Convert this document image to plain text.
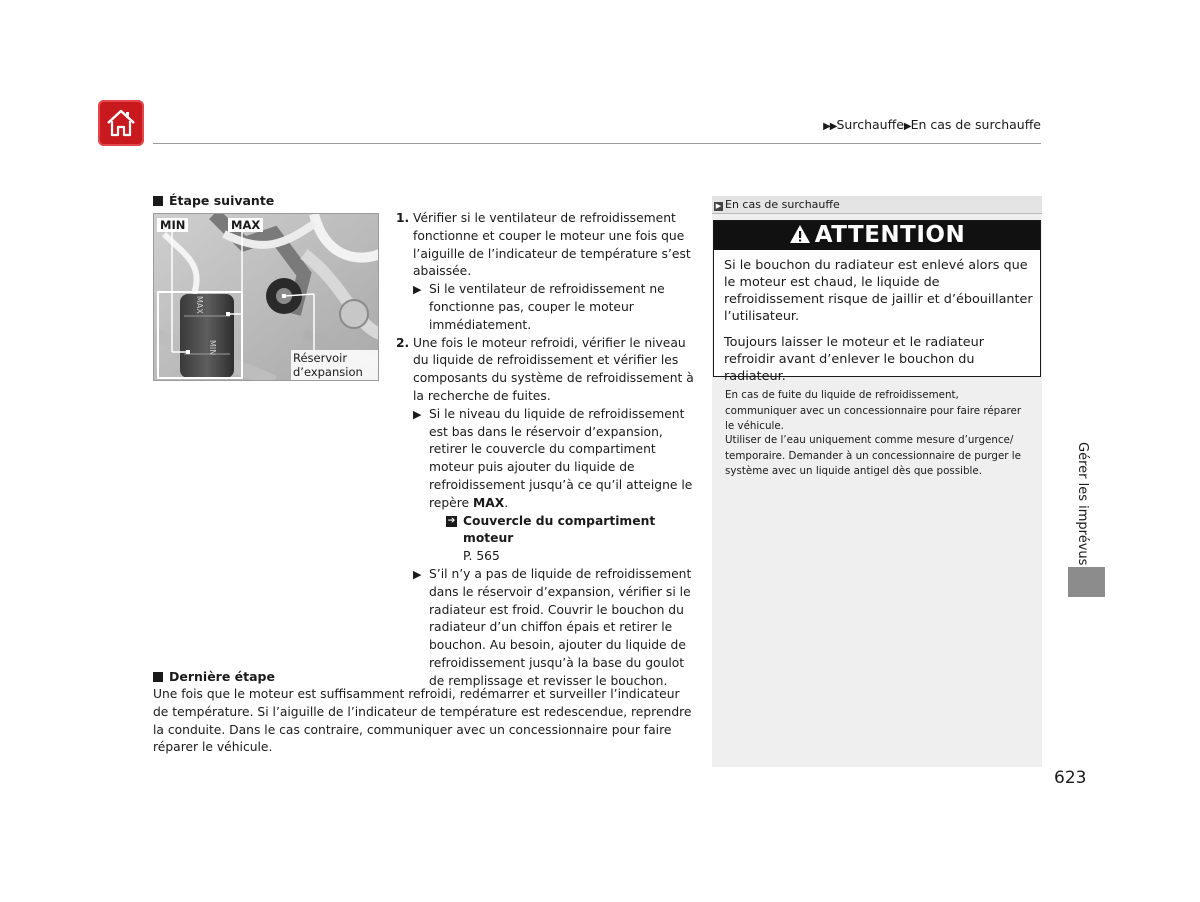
▶▶Surchauffe▶En cas de surchauffe
Étape suivante
MIN	MAX
MAX
MIN
Réservoir
d’expansion
1. Vérifier si le ventilateur de refroidissement fonctionne et couper le moteur une fois que l’aiguille de l’indicateur de température s’est abaissée.
▶ Si le ventilateur de refroidissement ne fonctionne pas, couper le moteur immédiatement.
2. Une fois le moteur refroidi, vérifier le niveau du liquide de refroidissement et vérifier les composants du système de refroidissement à la recherche de fuites.
▶ Si le niveau du liquide de refroidissement est bas dans le réservoir d’expansion, retirer le couvercle du compartiment moteur puis ajouter du liquide de refroidissement jusqu’à ce qu’il atteigne le repère MAX.
➔ Couvercle du compartiment moteur
P. 565
▶ S’il n’y a pas de liquide de refroidissement dans le réservoir d’expansion, vérifier si le radiateur est froid. Couvrir le bouchon du radiateur d’un chiffon épais et retirer le bouchon. Au besoin, ajouter du liquide de refroidissement jusqu’à la base du goulot de remplissage et revisser le bouchon.
Dernière étape
Une fois que le moteur est suffisamment refroidi, redémarrer et surveiller l’indicateur de température. Si l’aiguille de l’indicateur de température est redescendue, reprendre la conduite. Dans le cas contraire, communiquer avec un concessionnaire pour faire réparer le véhicule.
▶ En cas de surchauffe
ATTENTION

Si le bouchon du radiateur est enlevé alors que le moteur est chaud, le liquide de refroidissement risque de jaillir et d’ébouillanter l’utilisateur.

Toujours laisser le moteur et le radiateur refroidir avant d’enlever le bouchon du radiateur.

En cas de fuite du liquide de refroidissement, communiquer avec un concessionnaire pour faire réparer le véhicule.
Utiliser de l’eau uniquement comme mesure d’urgence/ temporaire. Demander à un concessionnaire de purger le système avec un liquide antigel dès que possible.	Gérer les imprévus
623
